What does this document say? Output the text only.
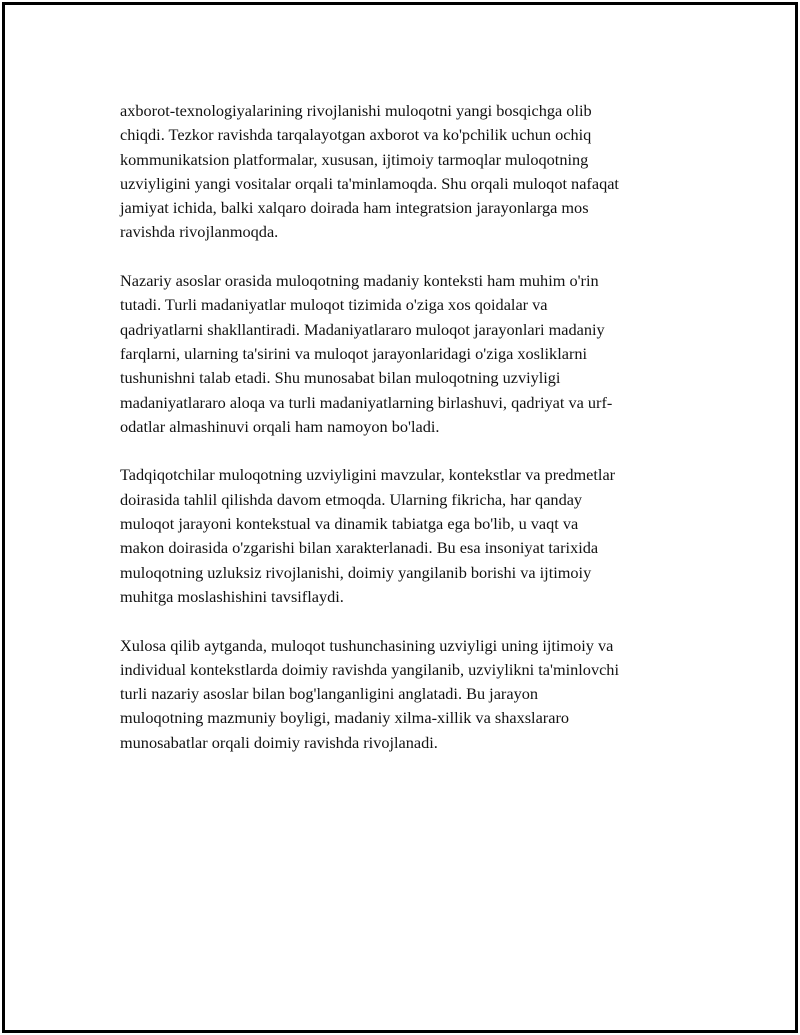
axborot-texnologiyalarining rivojlanishi muloqotni yangi bosqichga olib
chiqdi. Tezkor ravishda tarqalayotgan axborot va ko'pchilik uchun ochiq
kommunikatsion platformalar, xususan, ijtimoiy tarmoqlar muloqotning
uzviyligini yangi vositalar orqali ta'minlamoqda. Shu orqali muloqot nafaqat
jamiyat ichida, balki xalqaro doirada ham integratsion jarayonlarga mos
ravishda rivojlanmoqda.

Nazariy asoslar orasida muloqotning madaniy konteksti ham muhim o'rin
tutadi. Turli madaniyatlar muloqot tizimida o'ziga xos qoidalar va
qadriyatlarni shakllantiradi. Madaniyatlararo muloqot jarayonlari madaniy
farqlarni, ularning ta'sirini va muloqot jarayonlaridagi o'ziga xosliklarni
tushunishni talab etadi. Shu munosabat bilan muloqotning uzviyligi
madaniyatlararo aloqa va turli madaniyatlarning birlashuvi, qadriyat va urf-
odatlar almashinuvi orqali ham namoyon bo'ladi.

Tadqiqotchilar muloqotning uzviyligini mavzular, kontekstlar va predmetlar
doirasida tahlil qilishda davom etmoqda. Ularning fikricha, har qanday
muloqot jarayoni kontekstual va dinamik tabiatga ega bo'lib, u vaqt va
makon doirasida o'zgarishi bilan xarakterlanadi. Bu esa insoniyat tarixida
muloqotning uzluksiz rivojlanishi, doimiy yangilanib borishi va ijtimoiy
muhitga moslashishini tavsiflaydi.

Xulosa qilib aytganda, muloqot tushunchasining uzviyligi uning ijtimoiy va
individual kontekstlarda doimiy ravishda yangilanib, uzviylikni ta'minlovchi
turli nazariy asoslar bilan bog'langanligini anglatadi. Bu jarayon
muloqotning mazmuniy boyligi, madaniy xilma-xillik va shaxslararo
munosabatlar orqali doimiy ravishda rivojlanadi.
